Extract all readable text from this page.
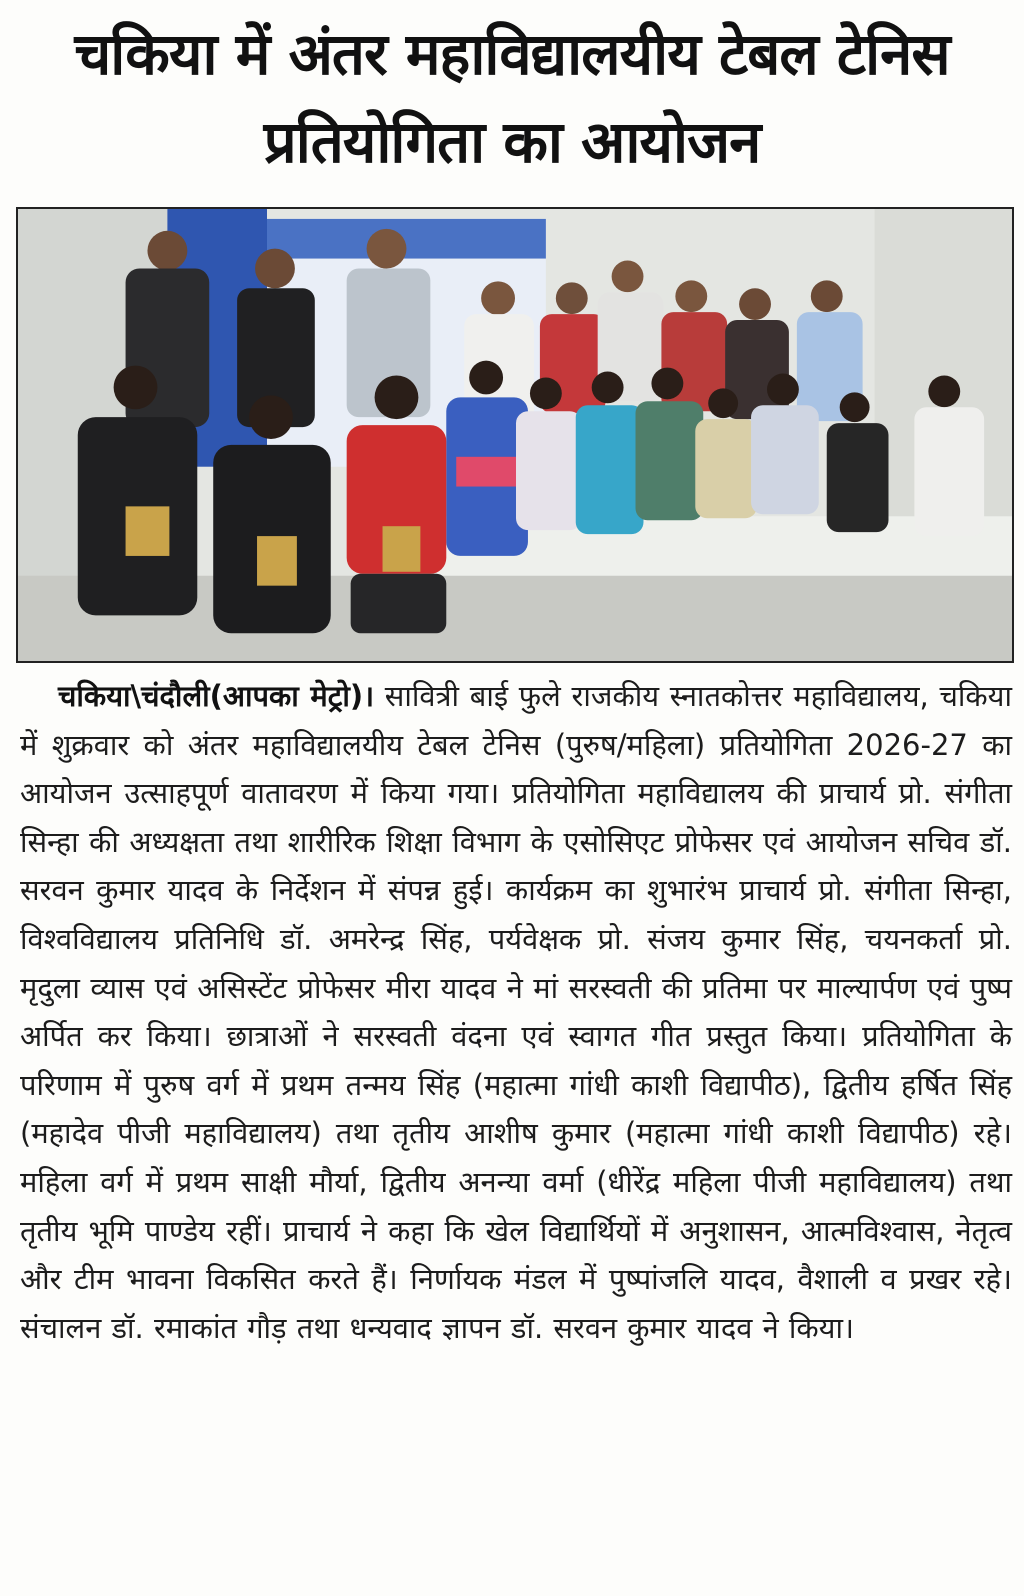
चकिया में अंतर महाविद्यालयीय टेबल टेनिस प्रतियोगिता का आयोजन

चकिया\चंदौली(आपका मेट्रो)। सावित्री बाई फुले राजकीय स्नातकोत्तर महाविद्यालय, चकिया में शुक्रवार को अंतर महाविद्यालयीय टेबल टेनिस (पुरुष/महिला) प्रतियोगिता 2026-27 का आयोजन उत्साहपूर्ण वातावरण में किया गया। प्रतियोगिता महाविद्यालय की प्राचार्य प्रो. संगीता सिन्हा की अध्यक्षता तथा शारीरिक शिक्षा विभाग के एसोसिएट प्रोफेसर एवं आयोजन सचिव डॉ. सरवन कुमार यादव के निर्देशन में संपन्न हुई। कार्यक्रम का शुभारंभ प्राचार्य प्रो. संगीता सिन्हा, विश्वविद्यालय प्रतिनिधि डॉ. अमरेन्द्र सिंह, पर्यवेक्षक प्रो. संजय कुमार सिंह, चयनकर्ता प्रो. मृदुला व्यास एवं असिस्टेंट प्रोफेसर मीरा यादव ने मां सरस्वती की प्रतिमा पर माल्यार्पण एवं पुष्प अर्पित कर किया। छात्राओं ने सरस्वती वंदना एवं स्वागत गीत प्रस्तुत किया। प्रतियोगिता के परिणाम में पुरुष वर्ग में प्रथम तन्मय सिंह (महात्मा गांधी काशी विद्यापीठ), द्वितीय हर्षित सिंह (महादेव पीजी महाविद्यालय) तथा तृतीय आशीष कुमार (महात्मा गांधी काशी विद्यापीठ) रहे। महिला वर्ग में प्रथम साक्षी मौर्या, द्वितीय अनन्या वर्मा (धीरेंद्र महिला पीजी महाविद्यालय) तथा तृतीय भूमि पाण्डेय रहीं। प्राचार्य ने कहा कि खेल विद्यार्थियों में अनुशासन, आत्मविश्वास, नेतृत्व और टीम भावना विकसित करते हैं। निर्णायक मंडल में पुष्पांजलि यादव, वैशाली व प्रखर रहे। संचालन डॉ. रमाकांत गौड़ तथा धन्यवाद ज्ञापन डॉ. सरवन कुमार यादव ने किया।
